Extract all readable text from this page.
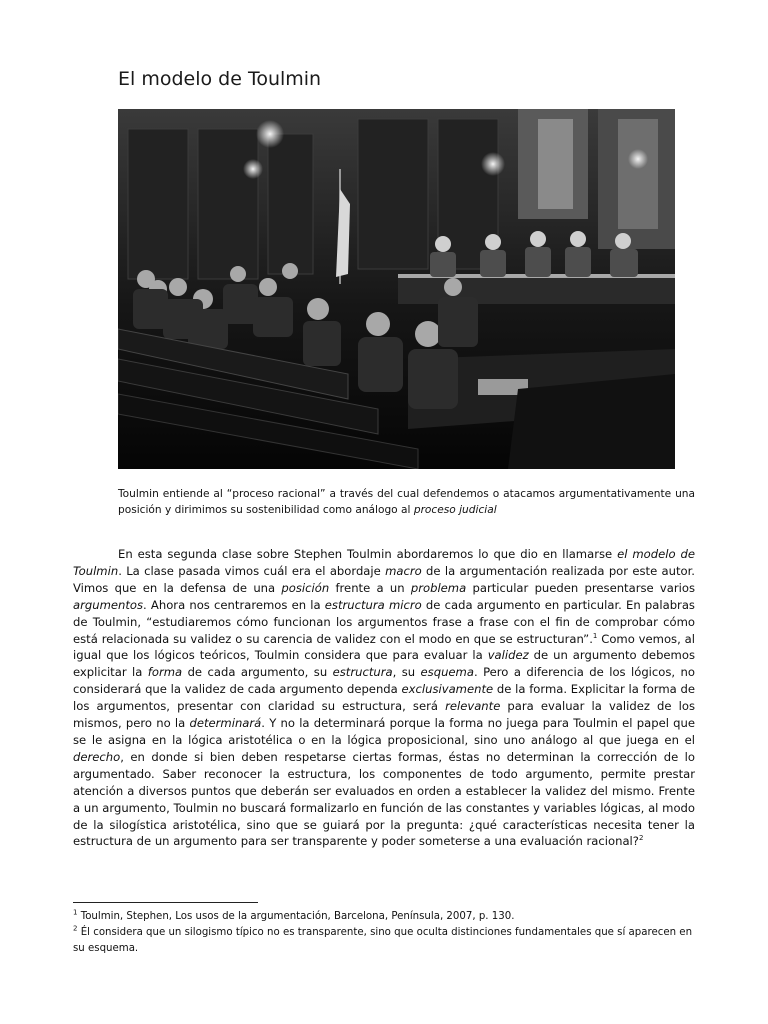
El modelo de Toulmin

Toulmin entiende al “proceso racional” a través del cual defendemos o atacamos argumentativamente una posición y dirimimos su sostenibilidad como análogo al proceso judicial

En esta segunda clase sobre Stephen Toulmin abordaremos lo que dio en llamarse el modelo de Toulmin. La clase pasada vimos cuál era el abordaje macro de la argumentación realizada por este autor. Vimos que en la defensa de una posición frente a un problema particular pueden presentarse varios argumentos. Ahora nos centraremos en la estructura micro de cada argumento en particular. En palabras de Toulmin, “estudiaremos cómo funcionan los argumentos frase a frase con el fin de comprobar cómo está relacionada su validez o su carencia de validez con el modo en que se estructuran”.$^1$ Como vemos, al igual que los lógicos teóricos, Toulmin considera que para evaluar la validez de un argumento debemos explicitar la forma de cada argumento, su estructura, su esquema. Pero a diferencia de los lógicos, no considerará que la validez de cada argumento dependa exclusivamente de la forma. Explicitar la forma de los argumentos, presentar con claridad su estructura, será relevante para evaluar la validez de los mismos, pero no la determinará. Y no la determinará porque la forma no juega para Toulmin el papel que se le asigna en la lógica aristotélica o en la lógica proposicional, sino uno análogo al que juega en el derecho, en donde si bien deben respetarse ciertas formas, éstas no determinan la corrección de lo argumentado. Saber reconocer la estructura, los componentes de todo argumento, permite prestar atención a diversos puntos que deberán ser evaluados en orden a establecer la validez del mismo. Frente a un argumento, Toulmin no buscará formalizarlo en función de las constantes y variables lógicas, al modo de la silogística aristotélica, sino que se guiará por la pregunta: ¿qué características necesita tener la estructura de un argumento para ser transparente y poder someterse a una evaluación racional?$^2$

$^1$ Toulmin, Stephen, Los usos de la argumentación, Barcelona, Península, 2007, p. 130.

$^2$ Él considera que un silogismo típico no es transparente, sino que oculta distinciones fundamentales que sí aparecen en su esquema.
